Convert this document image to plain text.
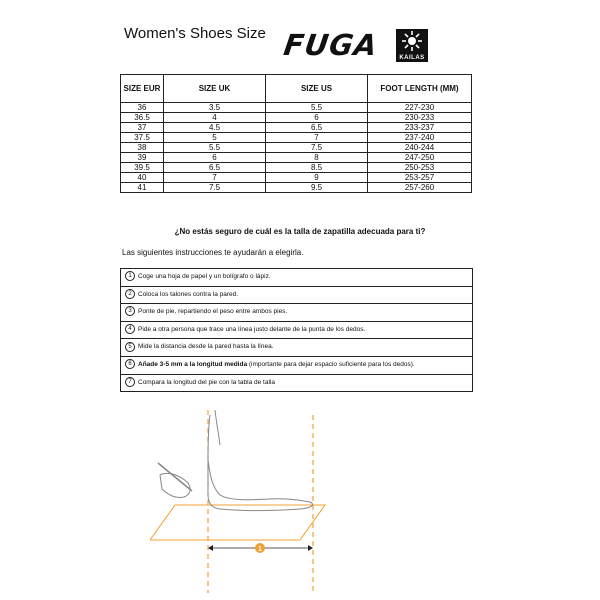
Women's Shoes Size FUGA	KAILAS
SIZE EUR	SIZE UK	SIZE US	FOOT LENGTH (MM)
36	3.5	5.5	227-230
36.5	4	6	230-233
37	4.5	6.5	233-237
37.5	5	7	237-240
38	5.5	7.5	240-244
39	6	8	247-250
39.5	6.5	8.5	250-253
40	7	9	253-257
41	7.5	9.5	257-260
¿No estás seguro de cuál es la talla de zapatilla adecuada para ti?
Las siguientes instrucciones te ayudarán a elegirla.
1 Coge una hoja de papel y un bolígrafo o lápiz.
2 Coloca los talones contra la pared.
3 Ponte de pie, repartiendo el peso entre ambos pies.
4 Pide a otra persona que trace una línea justo delante de la punta de los dedos.
5 Mide la distancia desde la pared hasta la línea.
6 Añade 3-5 mm a la longitud medida (importante para dejar espacio suficiente para los dedos).
7 Compara la longitud del pie con la tabla de talla
1
